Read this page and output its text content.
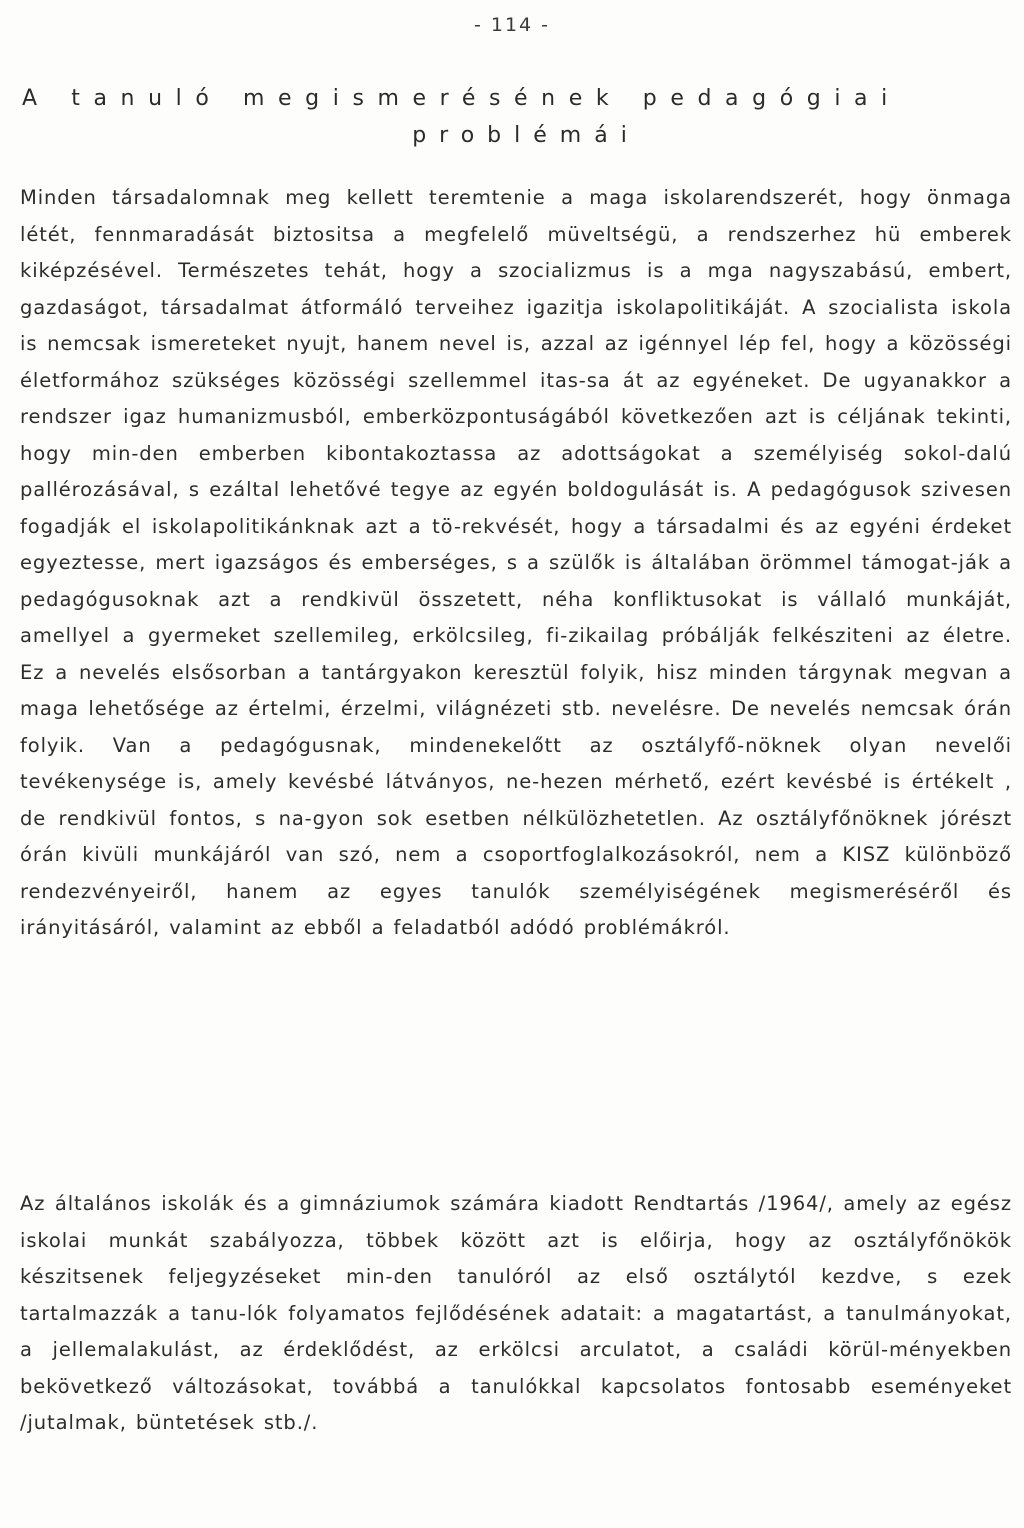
- 114 -
A tanuló megismerésének pedagógiai
problémái
Minden társadalomnak meg kellett teremtenie a maga iskolarendszerét, hogy önmaga létét, fennmaradását biztositsa a megfelelő müveltségü, a rendszerhez hü emberek kiképzésével. Természetes tehát, hogy a szocializmus is a mga nagyszabású, embert, gazdaságot, társadalmat átformáló terveihez igazitja iskolapolitikáját. A szocialista iskola is nemcsak ismereteket nyujt, hanem nevel is, azzal az igénnyel lép fel, hogy a közösségi életformához szükséges közösségi szellemmel itas-sa át az egyéneket. De ugyanakkor a rendszer igaz humanizmusból, emberközpontuságából következően azt is céljának tekinti, hogy min-den emberben kibontakoztassa az adottságokat a személyiség sokol-dalú pallérozásával, s ezáltal lehetővé tegye az egyén boldogulását is. A pedagógusok szivesen fogadják el iskolapolitikánknak azt a tö-rekvését, hogy a társadalmi és az egyéni érdeket egyeztesse, mert igazságos és emberséges, s a szülők is általában örömmel támogat-ják a pedagógusoknak azt a rendkivül összetett, néha konfliktusokat is vállaló munkáját, amellyel a gyermeket szellemileg, erkölcsileg, fi-zikailag próbálják felkésziteni az életre. Ez a nevelés elsősorban a tantárgyakon keresztül folyik, hisz minden tárgynak megvan a maga lehetősége az értelmi, érzelmi, világnézeti stb. nevelésre. De nevelés nemcsak órán folyik. Van a pedagógusnak, mindenekelőtt az osztályfő-nöknek olyan nevelői tevékenysége is, amely kevésbé látványos, ne-hezen mérhető, ezért kevésbé is értékelt , de rendkivül fontos, s na-gyon sok esetben nélkülözhetetlen. Az osztályfőnöknek jórészt órán kivüli munkájáról van szó, nem a csoportfoglalkozásokról, nem a KISZ különböző rendezvényeiről, hanem az egyes tanulók személyiségének megismeréséről és irányitásáról, valamint az ebből a feladatból adódó problémákról.
Az általános iskolák és a gimnáziumok számára kiadott Rendtartás /1964/, amely az egész iskolai munkát szabályozza, többek között azt is előirja, hogy az osztályfőnökök készitsenek feljegyzéseket min-den tanulóról az első osztálytól kezdve, s ezek tartalmazzák a tanu-lók folyamatos fejlődésének adatait: a magatartást, a tanulmányokat, a jellemalakulást, az érdeklődést, az erkölcsi arculatot, a családi körül-ményekben bekövetkező változásokat, továbbá a tanulókkal kapcsolatos fontosabb eseményeket /jutalmak, büntetések stb./.
